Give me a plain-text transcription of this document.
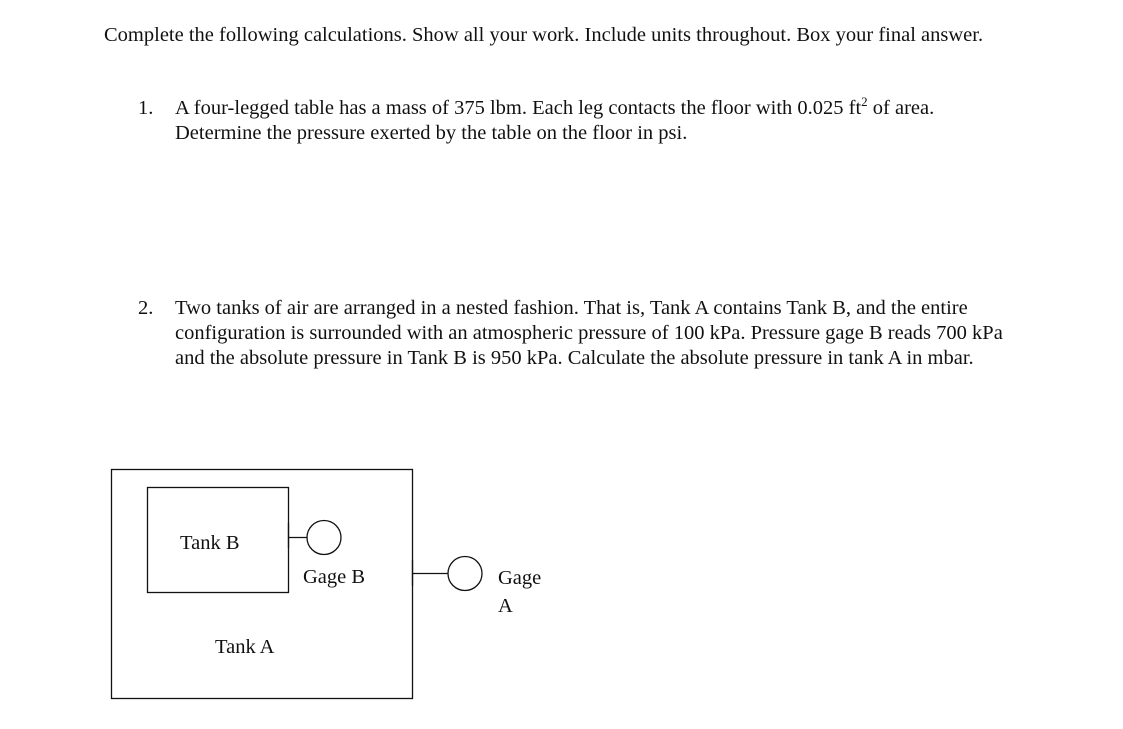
Complete the following calculations. Show all your work. Include units throughout. Box your final answer.
1. A four-legged table has a mass of 375 lbm. Each leg contacts the floor with 0.025 $ft^2$ of area. Determine the pressure exerted by the table on the floor in psi.
2. Two tanks of air are arranged in a nested fashion. That is, Tank A contains Tank B, and the entire configuration is surrounded with an atmospheric pressure of 100 kPa. Pressure gage B reads 700 kPa and the absolute pressure in Tank B is 950 kPa. Calculate the absolute pressure in tank A in mbar.
Tank B
Gage B	Gage
A
Tank A
